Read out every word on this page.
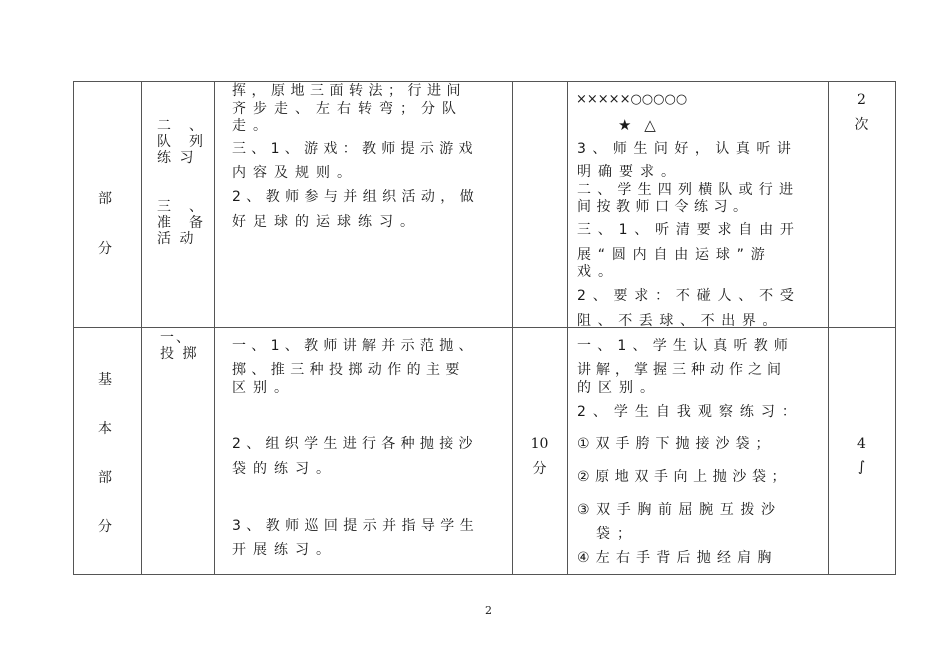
部
分
二　、
队　列
练 习
三　、
准　备
活 动
挥，原地三面转法；行进间
齐步走、左右转弯；分队
走。
三、1、游戏：教师提示游戏
内容及规则。
2、教师参与并组织活动，做
好足球的运球练习。
×××××○○○○○
★ △
3、师生问好，认真听讲
明确要求。
二、学生四列横队或行进
间按教师口令练习。
三、1、听清要求自由开
展“圆内自由运球”游
戏。
2、要求：不碰人、不受
阻、不丢球、不出界。
2
次
基
本
部
分
一、
投 掷 一、1、教师讲解并示范抛、
掷、推三种投掷动作的主要
区别。
2、组织学生进行各种抛接沙
袋的练习。
3、教师巡回提示并指导学生
开展练习。
10
分
一、1、学生认真听教师
讲解，掌握三种动作之间
的区别。
2、学生自我观察练习：
①双手胯下抛接沙袋；
②原地双手向上抛沙袋；
③双手胸前屈腕互拨沙
袋；
④左右手背后抛经肩胸
4
∫
2
